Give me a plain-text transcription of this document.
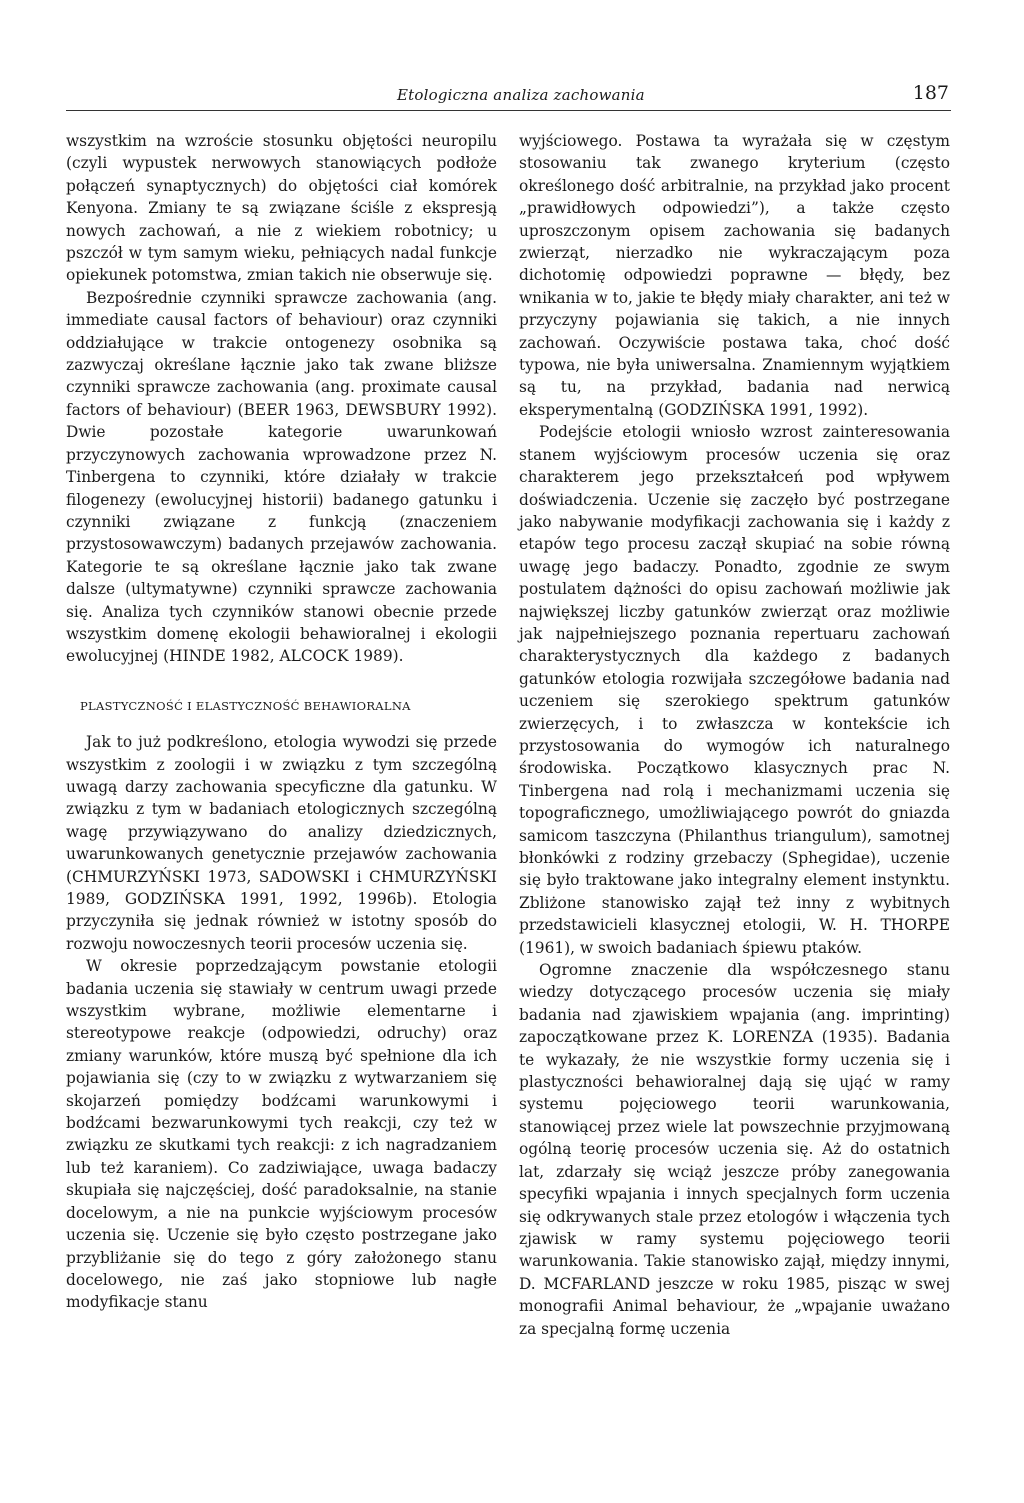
Etologiczna analiza zachowania	187

wszystkim na wzroście stosunku objętości neuropilu (czyli wypustek nerwowych stanowiących podłoże połączeń synaptycznych) do objętości ciał komórek Kenyona. Zmiany te są związane ściśle z ekspresją nowych zachowań, a nie z wiekiem robotnicy; u pszczół w tym samym wieku, pełniących nadal funkcje opiekunek potomstwa, zmian takich nie obserwuje się.

Bezpośrednie czynniki sprawcze zachowania (ang. immediate causal factors of behaviour) oraz czynniki oddziałujące w trakcie ontogenezy osobnika są zazwyczaj określane łącznie jako tak zwane bliższe czynniki sprawcze zachowania (ang. proximate causal factors of behaviour) (BEER 1963, DEWSBURY 1992). Dwie pozostałe kategorie uwarunkowań przyczynowych zachowania wprowadzone przez N. Tinbergena to czynniki, które działały w trakcie filogenezy (ewolucyjnej historii) badanego gatunku i czynniki związane z funkcją (znaczeniem przystosowawczym) badanych przejawów zachowania. Kategorie te są określane łącznie jako tak zwane dalsze (ultymatywne) czynniki sprawcze zachowania się. Analiza tych czynników stanowi obecnie przede wszystkim domenę ekologii behawioralnej i ekologii ewolucyjnej (HINDE 1982, ALCOCK 1989).

PLASTYCZNOŚĆ I ELASTYCZNOŚĆ BEHAWIORALNA

Jak to już podkreślono, etologia wywodzi się przede wszystkim z zoologii i w związku z tym szczególną uwagą darzy zachowania specyficzne dla gatunku. W związku z tym w badaniach etologicznych szczególną wagę przywiązywano do analizy dziedzicznych, uwarunkowanych genetycznie przejawów zachowania (CHMURZYŃSKI 1973, SADOWSKI i CHMURZYŃSKI 1989, GODZIŃSKA 1991, 1992, 1996b). Etologia przyczyniła się jednak również w istotny sposób do rozwoju nowoczesnych teorii procesów uczenia się.

W okresie poprzedzającym powstanie etologii badania uczenia się stawiały w centrum uwagi przede wszystkim wybrane, możliwie elementarne i stereotypowe reakcje (odpowiedzi, odruchy) oraz zmiany warunków, które muszą być spełnione dla ich pojawiania się (czy to w związku z wytwarzaniem się skojarzeń pomiędzy bodźcami warunkowymi i bodźcami bezwarunkowymi tych reakcji, czy też w związku ze skutkami tych reakcji: z ich nagradzaniem lub też karaniem). Co zadziwiające, uwaga badaczy skupiała się najczęściej, dość paradoksalnie, na stanie docelowym, a nie na punkcie wyjściowym procesów uczenia się. Uczenie się było często postrzegane jako przybliżanie się do tego z góry założonego stanu docelowego, nie zaś jako stopniowe lub nagłe modyfikacje stanu

wyjściowego. Postawa ta wyrażała się w częstym stosowaniu tak zwanego kryterium (często określonego dość arbitralnie, na przykład jako procent „prawidłowych odpowiedzi”), a także często uproszczonym opisem zachowania się badanych zwierząt, nierzadko nie wykraczającym poza dichotomię odpowiedzi poprawne — błędy, bez wnikania w to, jakie te błędy miały charakter, ani też w przyczyny pojawiania się takich, a nie innych zachowań. Oczywiście postawa taka, choć dość typowa, nie była uniwersalna. Znamiennym wyjątkiem są tu, na przykład, badania nad nerwicą eksperymentalną (GODZIŃSKA 1991, 1992).

Podejście etologii wniosło wzrost zainteresowania stanem wyjściowym procesów uczenia się oraz charakterem jego przekształceń pod wpływem doświadczenia. Uczenie się zaczęło być postrzegane jako nabywanie modyfikacji zachowania się i każdy z etapów tego procesu zaczął skupiać na sobie równą uwagę jego badaczy. Ponadto, zgodnie ze swym postulatem dążności do opisu zachowań możliwie jak największej liczby gatunków zwierząt oraz możliwie jak najpełniejszego poznania repertuaru zachowań charakterystycznych dla każdego z badanych gatunków etologia rozwijała szczegółowe badania nad uczeniem się szerokiego spektrum gatunków zwierzęcych, i to zwłaszcza w kontekście ich przystosowania do wymogów ich naturalnego środowiska. Początkowo klasycznych prac N. Tinbergena nad rolą i mechanizmami uczenia się topograficznego, umożliwiającego powrót do gniazda samicom taszczyna (Philanthus triangulum), samotnej błonkówki z rodziny grzebaczy (Sphegidae), uczenie się było traktowane jako integralny element instynktu. Zbliżone stanowisko zajął też inny z wybitnych przedstawicieli klasycznej etologii, W. H. THORPE (1961), w swoich badaniach śpiewu ptaków.

Ogromne znaczenie dla współczesnego stanu wiedzy dotyczącego procesów uczenia się miały badania nad zjawiskiem wpajania (ang. imprinting) zapoczątkowane przez K. LORENZA (1935). Badania te wykazały, że nie wszystkie formy uczenia się i plastyczności behawioralnej dają się ująć w ramy systemu pojęciowego teorii warunkowania, stanowiącej przez wiele lat powszechnie przyjmowaną ogólną teorię procesów uczenia się. Aż do ostatnich lat, zdarzały się wciąż jeszcze próby zanegowania specyfiki wpajania i innych specjalnych form uczenia się odkrywanych stale przez etologów i włączenia tych zjawisk w ramy systemu pojęciowego teorii warunkowania. Takie stanowisko zajął, między innymi, D. MCFARLAND jeszcze w roku 1985, pisząc w swej monografii Animal behaviour, że „wpajanie uważano za specjalną formę uczenia
